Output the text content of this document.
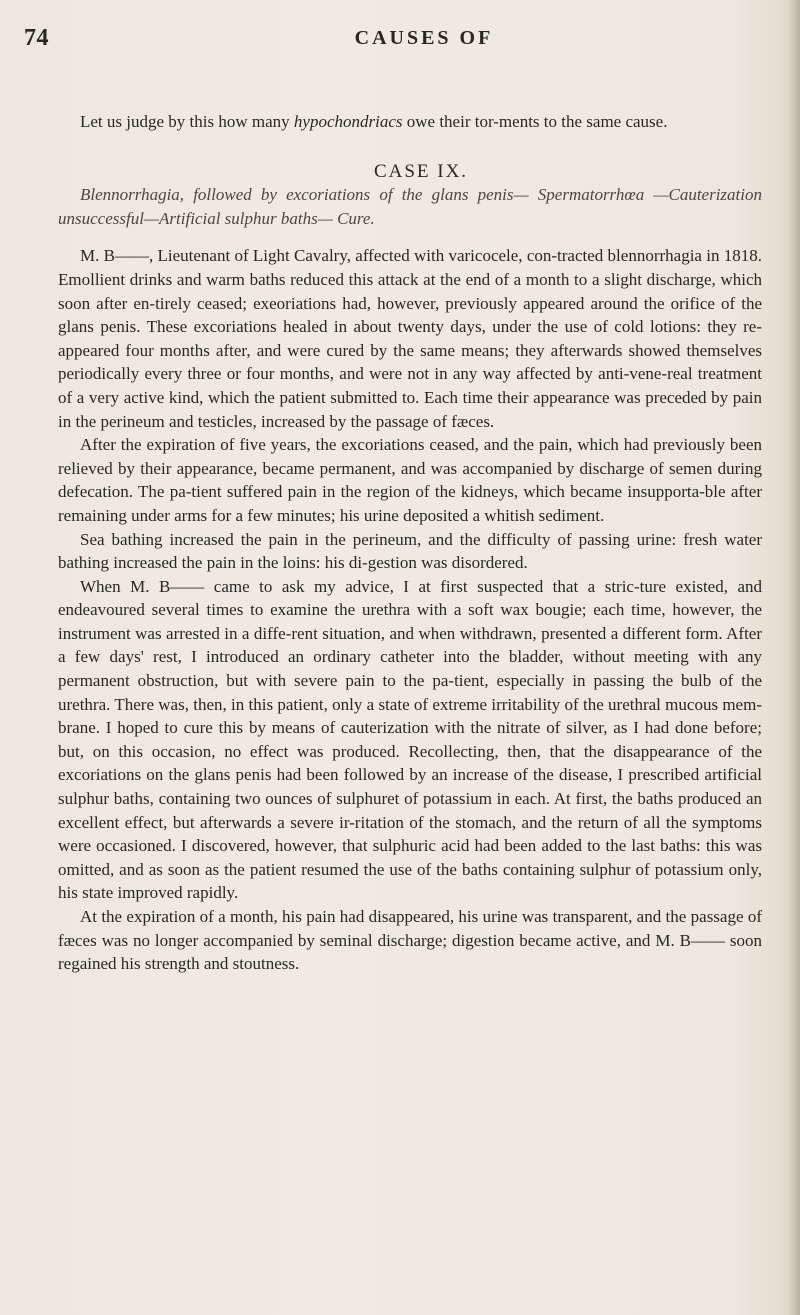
74	CAUSES OF

Let us judge by this how many hypochondriacs owe their tor-ments to the same cause.

CASE IX.

Blennorrhagia, followed by excoriations of the glans penis— Spermatorrhœa —Cauterization unsuccessful—Artificial sulphur baths— Cure.

M. B——, Lieutenant of Light Cavalry, affected with varicocele, con-tracted blennorrhagia in 1818. Emollient drinks and warm baths reduced this attack at the end of a month to a slight discharge, which soon after en-tirely ceased; exeoriations had, however, previously appeared around the orifice of the glans penis. These excoriations healed in about twenty days, under the use of cold lotions: they re-appeared four months after, and were cured by the same means; they afterwards showed themselves periodically every three or four months, and were not in any way affected by anti-vene-real treatment of a very active kind, which the patient submitted to. Each time their appearance was preceded by pain in the perineum and testicles, increased by the passage of fæces.

After the expiration of five years, the excoriations ceased, and the pain, which had previously been relieved by their appearance, became permanent, and was accompanied by discharge of semen during defecation. The pa-tient suffered pain in the region of the kidneys, which became insupporta-ble after remaining under arms for a few minutes; his urine deposited a whitish sediment.

Sea bathing increased the pain in the perineum, and the difficulty of passing urine: fresh water bathing increased the pain in the loins: his di-gestion was disordered.

When M. B—— came to ask my advice, I at first suspected that a stric-ture existed, and endeavoured several times to examine the urethra with a soft wax bougie; each time, however, the instrument was arrested in a diffe-rent situation, and when withdrawn, presented a different form. After a few days' rest, I introduced an ordinary catheter into the bladder, without meeting with any permanent obstruction, but with severe pain to the pa-tient, especially in passing the bulb of the urethra. There was, then, in this patient, only a state of extreme irritability of the urethral mucous mem-brane. I hoped to cure this by means of cauterization with the nitrate of silver, as I had done before; but, on this occasion, no effect was produced. Recollecting, then, that the disappearance of the excoriations on the glans penis had been followed by an increase of the disease, I prescribed artificial sulphur baths, containing two ounces of sulphuret of potassium in each. At first, the baths produced an excellent effect, but afterwards a severe ir-ritation of the stomach, and the return of all the symptoms were occasioned. I discovered, however, that sulphuric acid had been added to the last baths: this was omitted, and as soon as the patient resumed the use of the baths containing sulphur of potassium only, his state improved rapidly.

At the expiration of a month, his pain had disappeared, his urine was transparent, and the passage of fæces was no longer accompanied by seminal discharge; digestion became active, and M. B—— soon regained his strength and stoutness.
